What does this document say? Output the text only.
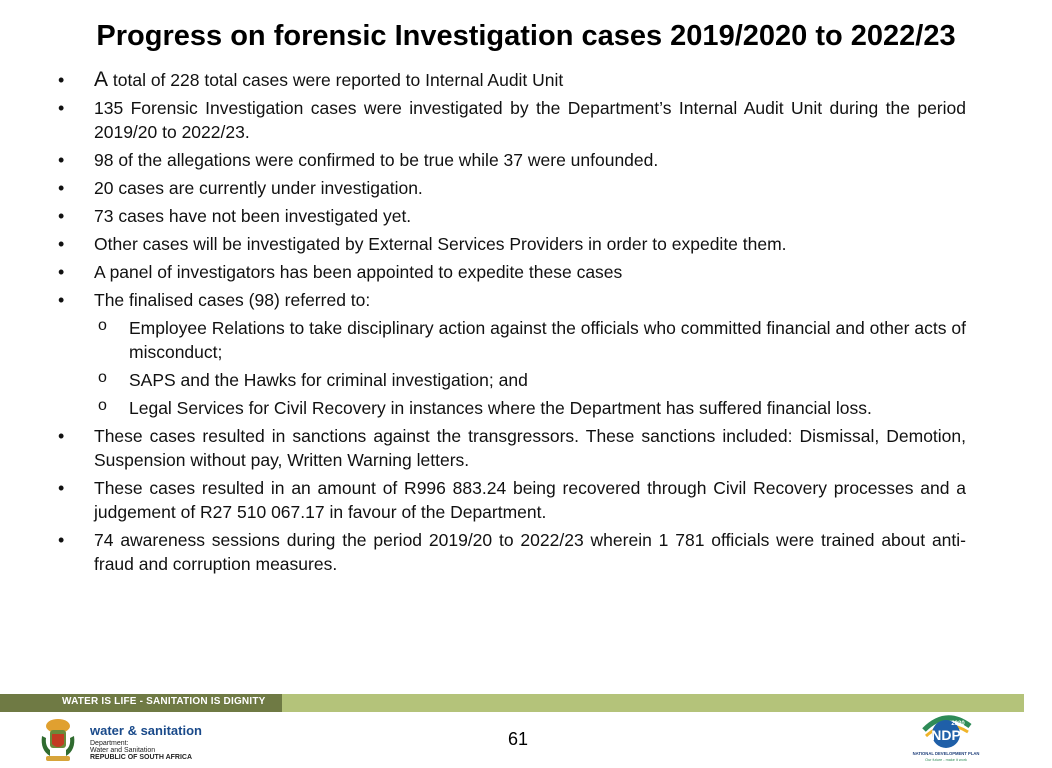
Progress on forensic Investigation cases 2019/2020 to 2022/23
• A total of 228 total cases were reported to Internal Audit Unit
• 135 Forensic Investigation cases were investigated by the Department’s Internal Audit Unit during the period 2019/20 to 2022/23.
• 98 of the allegations were confirmed to be true while 37 were unfounded.
• 20 cases are currently under investigation.
• 73 cases have not been investigated yet.
• Other cases will be investigated by External Services Providers in order to expedite them.
• A panel of investigators has been appointed to expedite these cases
• The finalised cases (98) referred to:
o Employee Relations to take disciplinary action against the officials who committed financial and other acts of misconduct;
o SAPS and the Hawks for criminal investigation; and
o Legal Services for Civil Recovery in instances where the Department has suffered financial loss.
• These cases resulted in sanctions against the transgressors. These sanctions included: Dismissal, Demotion, Suspension without pay, Written Warning letters.
• These cases resulted in an amount of R996 883.24 being recovered through Civil Recovery processes and a judgement of R27 510 067.17 in favour of the Department.
• 74 awareness sessions during the period 2019/20 to 2022/23 wherein 1 781 officials were trained about anti-fraud and corruption measures.
WATER IS LIFE - SANITATION IS DIGNITY
water & sanitation
Department:
Water and Sanitation
REPUBLIC OF SOUTH AFRICA
61	NDP
2030
NATIONAL DEVELOPMENT PLAN
Our future - make it work
